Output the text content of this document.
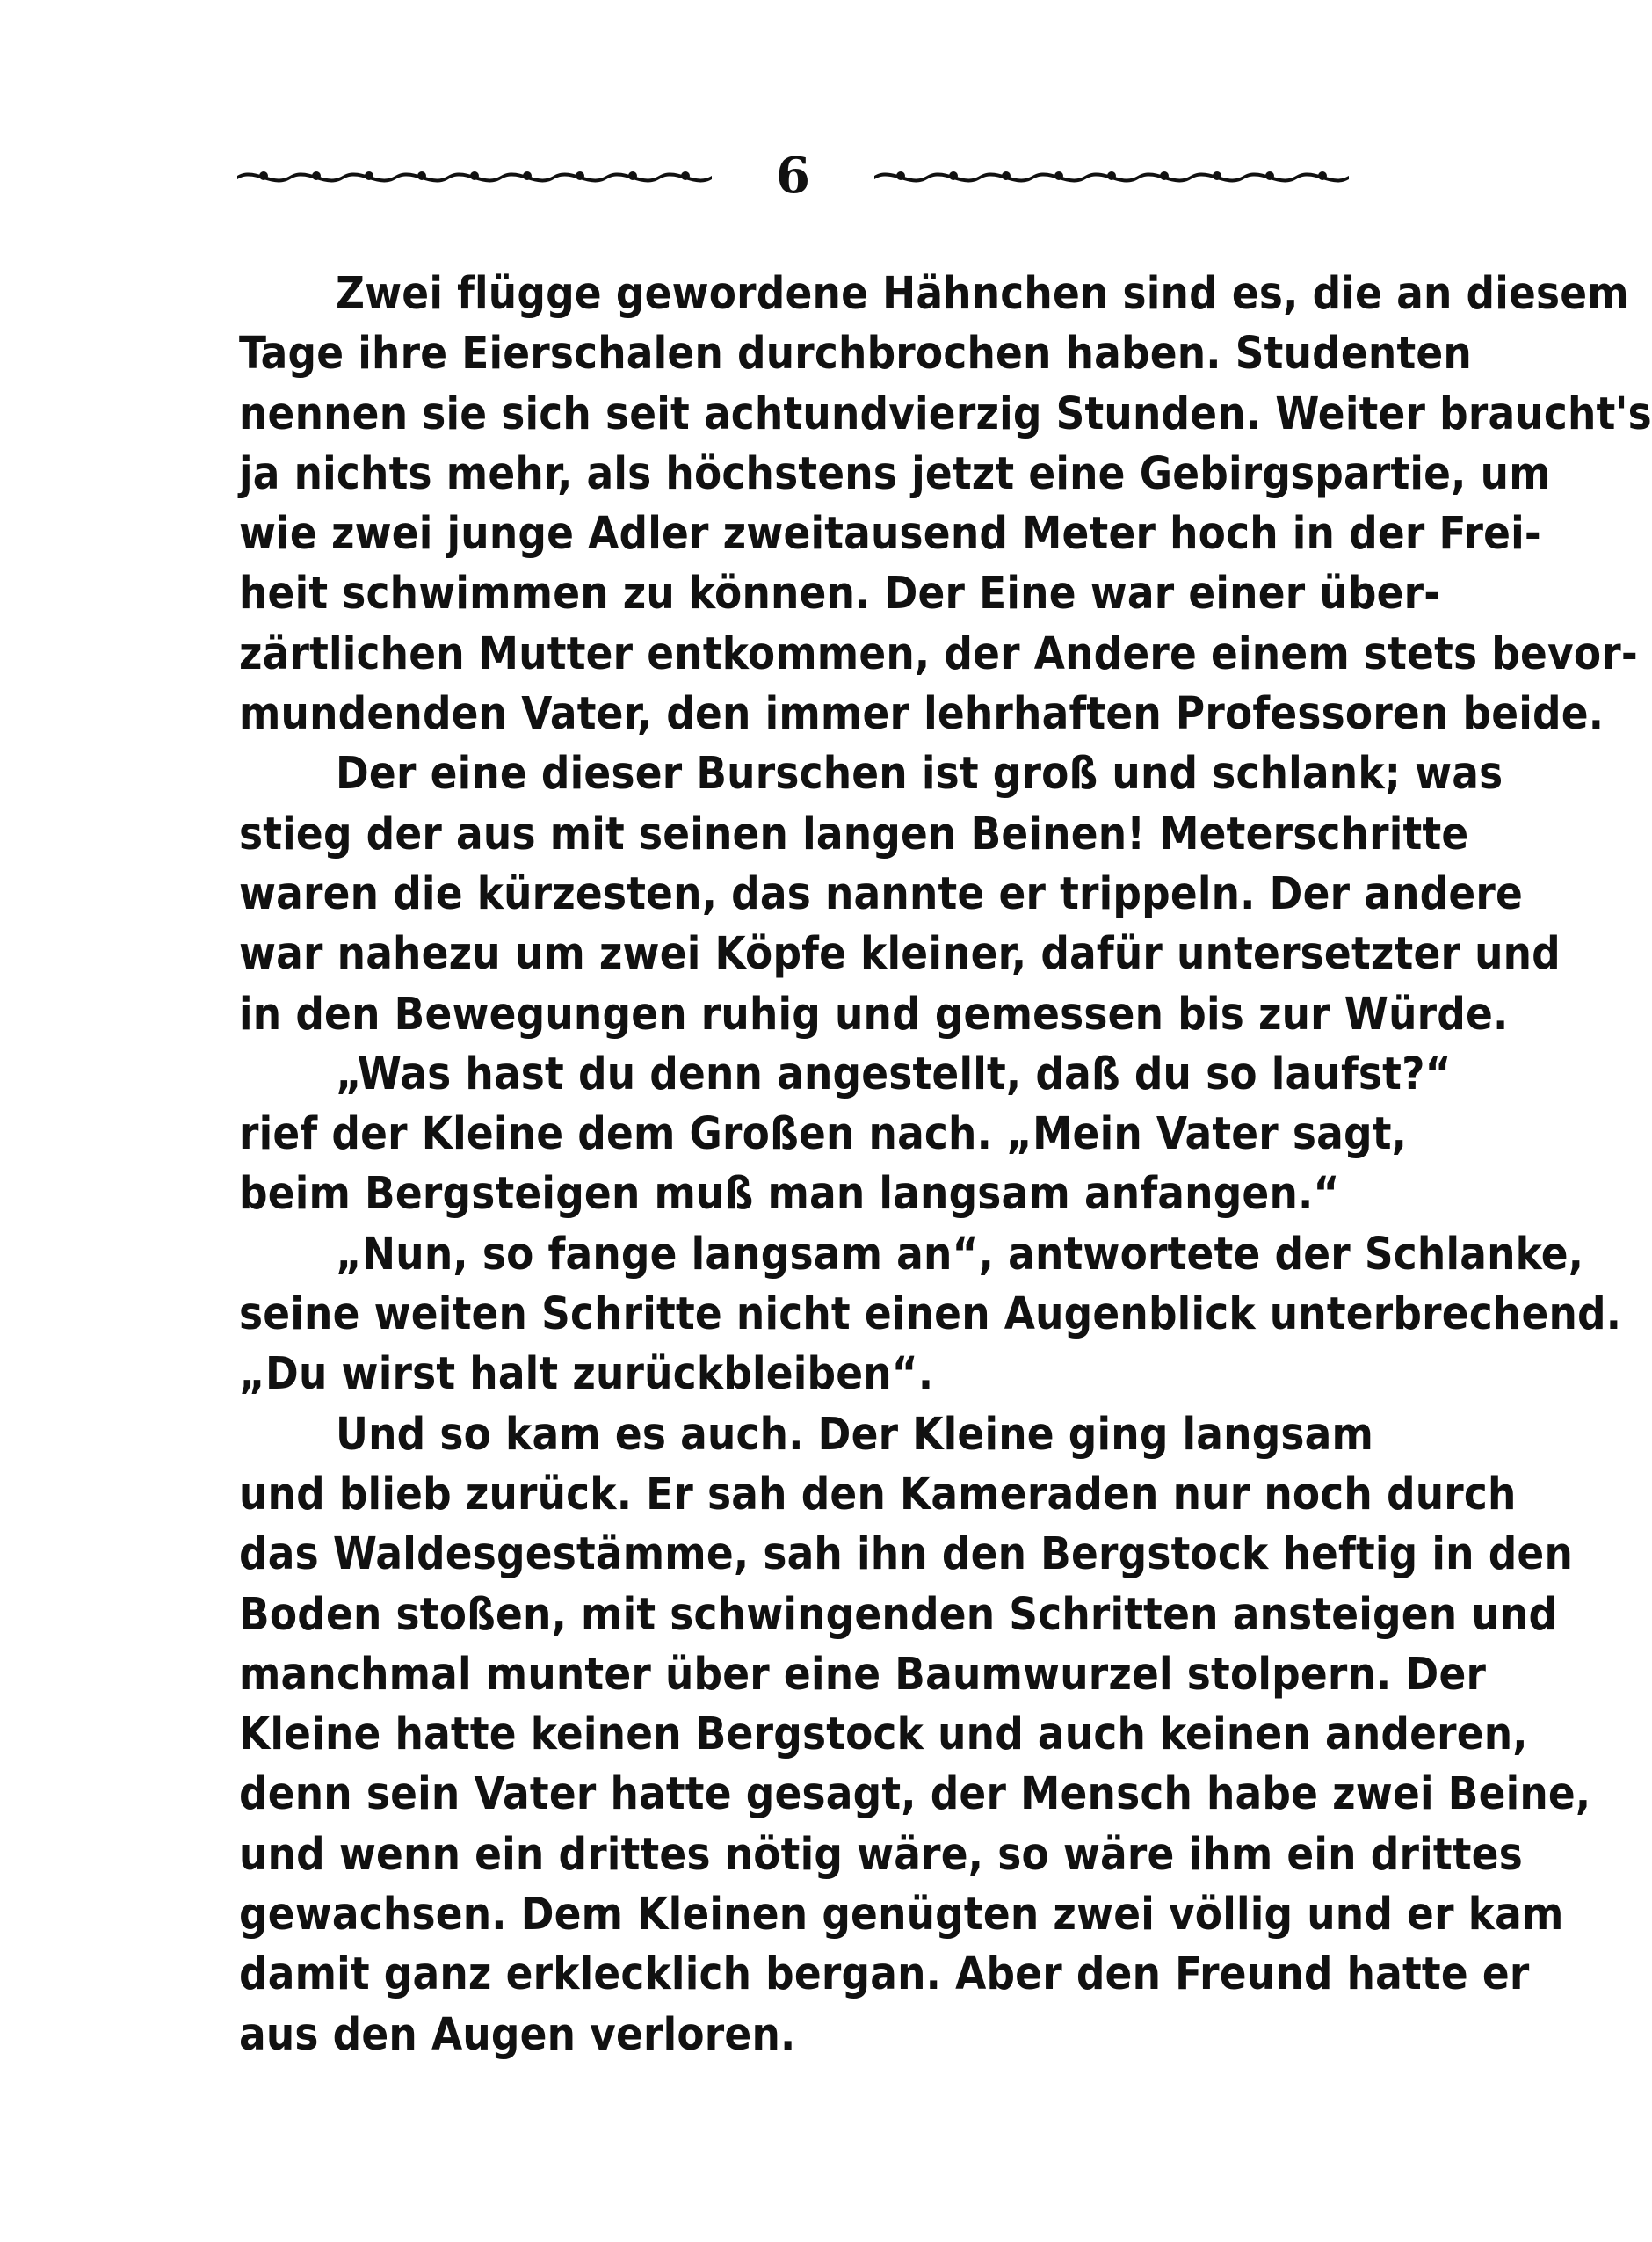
6
Zwei flügge gewordene Hähnchen sind es, die an diesem
Tage ihre Eierschalen durchbrochen haben. Studenten
nennen sie sich seit achtundvierzig Stunden. Weiter braucht's
ja nichts mehr, als höchstens jetzt eine Gebirgspartie, um
wie zwei junge Adler zweitausend Meter hoch in der Frei-
heit schwimmen zu können. Der Eine war einer über-
zärtlichen Mutter entkommen, der Andere einem stets bevor-
mundenden Vater, den immer lehrhaften Professoren beide.
Der eine dieser Burschen ist groß und schlank; was
stieg der aus mit seinen langen Beinen! Meterschritte
waren die kürzesten, das nannte er trippeln. Der andere
war nahezu um zwei Köpfe kleiner, dafür untersetzter und
in den Bewegungen ruhig und gemessen bis zur Würde.
„Was hast du denn angestellt, daß du so laufst?“
rief der Kleine dem Großen nach. „Mein Vater sagt,
beim Bergsteigen muß man langsam anfangen.“
„Nun, so fange langsam an“, antwortete der Schlanke,
seine weiten Schritte nicht einen Augenblick unterbrechend.
„Du wirst halt zurückbleiben“.
Und so kam es auch. Der Kleine ging langsam
und blieb zurück. Er sah den Kameraden nur noch durch
das Waldesgestämme, sah ihn den Bergstock heftig in den
Boden stoßen, mit schwingenden Schritten ansteigen und
manchmal munter über eine Baumwurzel stolpern. Der
Kleine hatte keinen Bergstock und auch keinen anderen,
denn sein Vater hatte gesagt, der Mensch habe zwei Beine,
und wenn ein drittes nötig wäre, so wäre ihm ein drittes
gewachsen. Dem Kleinen genügten zwei völlig und er kam
damit ganz erklecklich bergan. Aber den Freund hatte er
aus den Augen verloren.
